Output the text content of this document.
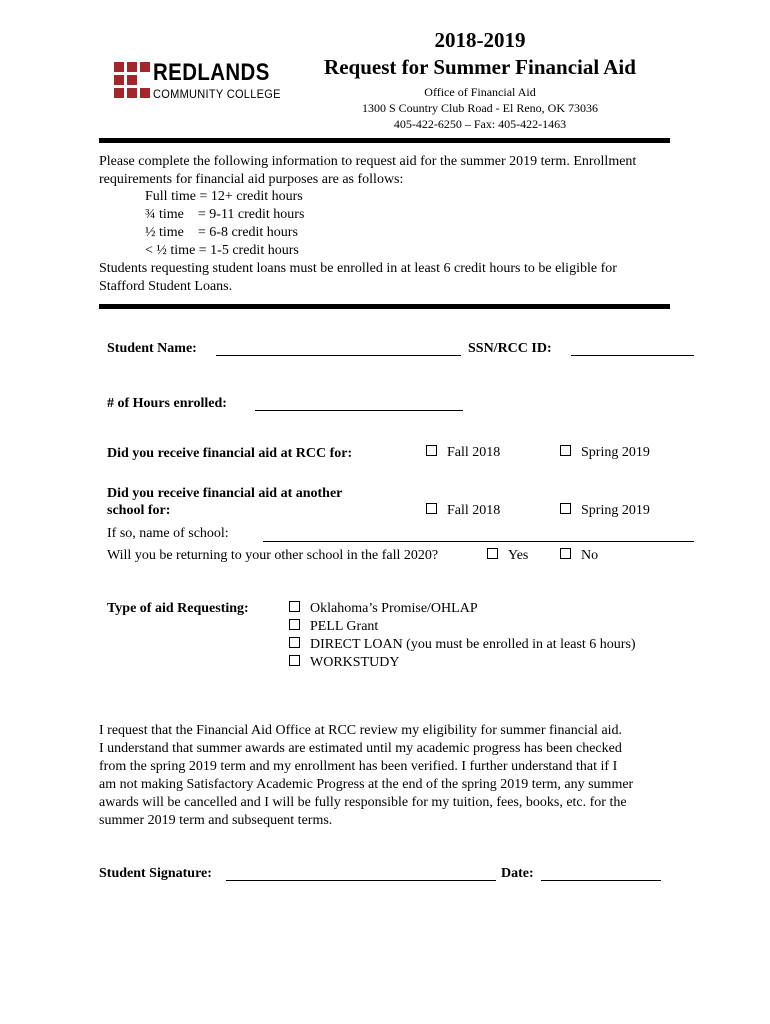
REDLANDS
COMMUNITY COLLEGE
2018-2019
Request for Summer Financial Aid
Office of Financial Aid
1300 S Country Club Road - El Reno, OK 73036
405-422-6250 – Fax: 405-422-1463
Please complete the following information to request aid for the summer 2019 term. Enrollment
requirements for financial aid purposes are as follows:
Full time = 12+ credit hours
¾ time    = 9-11 credit hours
½ time    = 6-8 credit hours
< ½ time = 1-5 credit hours
Students requesting student loans must be enrolled in at least 6 credit hours to be eligible for
Stafford Student Loans.
Student Name:	SSN/RCC ID:
# of Hours enrolled:
Did you receive financial aid at RCC for:	Fall 2018	Spring 2019
Did you receive financial aid at another
school for:	Fall 2018	Spring 2019
If so, name of school:
Will you be returning to your other school in the fall 2020?	Yes	No
Type of aid Requesting:	Oklahoma’s Promise/OHLAP
PELL Grant
DIRECT LOAN (you must be enrolled in at least 6 hours)
WORKSTUDY
I request that the Financial Aid Office at RCC review my eligibility for summer financial aid.
I understand that summer awards are estimated until my academic progress has been checked
from the spring 2019 term and my enrollment has been verified. I further understand that if I
am not making Satisfactory Academic Progress at the end of the spring 2019 term, any summer
awards will be cancelled and I will be fully responsible for my tuition, fees, books, etc. for the
summer 2019 term and subsequent terms.
Student Signature:	Date:
